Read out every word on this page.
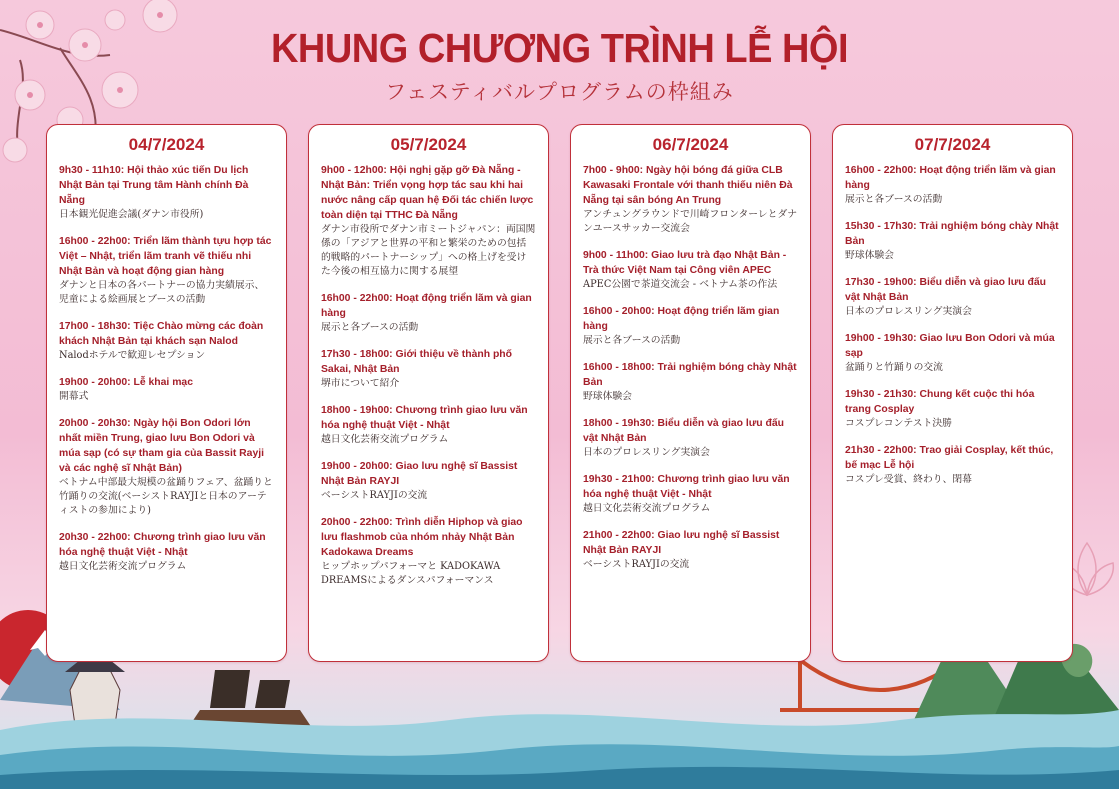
KHUNG CHƯƠNG TRÌNH LỄ HỘI
フェスティバルプログラムの枠組み
04/7/2024
9h30 - 11h10: Hội thảo xúc tiến Du lịch Nhật Bản tại Trung tâm Hành chính Đà Nẵng
日本観光促進会議(ダナン市役所)
16h00 - 22h00: Triển lãm thành tựu hợp tác Việt – Nhật, triển lãm tranh vẽ thiếu nhi Nhật Bản và hoạt động gian hàng
ダナンと日本の各パートナーの協力実績展示、児童による絵画展とブースの活動
17h00 - 18h30: Tiệc Chào mừng các đoàn khách Nhật Bản tại khách sạn Nalod
Nalodホテルで歓迎レセプション
19h00 - 20h00: Lễ khai mạc
開幕式
20h00 - 20h30: Ngày hội Bon Odori lớn nhất miền Trung, giao lưu Bon Odori và múa sạp (có sự tham gia của Bassit Rayji và các nghệ sĩ Nhật Bản)
ベトナム中部最大規模の盆踊りフェア、盆踊りと竹踊りの交流(ベーシストRAYJIと日本のアーティストの参加により)
20h30 - 22h00: Chương trình giao lưu văn hóa nghệ thuật Việt - Nhật
越日文化芸術交流プログラム
05/7/2024
9h00 - 12h00: Hội nghị gặp gỡ Đà Nẵng - Nhật Bản: Triển vọng hợp tác sau khi hai nước nâng cấp quan hệ Đối tác chiến lược toàn diện tại TTHC Đà Nẵng
ダナン市役所でダナン市ミートジャパン：両国関係の「アジアと世界の平和と繁栄のための包括的戦略的パートナーシップ」への格上げを受けた今後の相互協力に関する展望
16h00 - 22h00: Hoạt động triển lãm và gian hàng
展示と各ブースの活動
17h30 - 18h00: Giới thiệu về thành phố Sakai, Nhật Bản
堺市について紹介
18h00 - 19h00: Chương trình giao lưu văn hóa nghệ thuật Việt - Nhật
越日文化芸術交流プログラム
19h00 - 20h00: Giao lưu nghệ sĩ Bassist Nhật Bản RAYJI
ベーシストRAYJIの交流
20h00 - 22h00: Trình diễn Hiphop và giao lưu flashmob của nhóm nhảy Nhật Bản Kadokawa Dreams
ヒップホップパフォーマと KADOKAWA DREAMSによるダンスパフォーマンス
06/7/2024
7h00 - 9h00: Ngày hội bóng đá giữa CLB Kawasaki Frontale với thanh thiếu niên Đà Nẵng tại sân bóng An Trung
アンチュングラウンドで川崎フロンターレとダナンユースサッカー交流会
9h00 - 11h00: Giao lưu trà đạo Nhật Bản - Trà thức Việt Nam tại Công viên APEC
APEC公園で茶道交流会 - ベトナム茶の作法
16h00 - 20h00: Hoạt động triển lãm gian hàng
展示と各ブースの活動
16h00 - 18h00: Trải nghiệm bóng chày Nhật Bản
野球体験会
18h00 - 19h30: Biểu diễn và giao lưu đấu vật Nhật Bản
日本のプロレスリング実演会
19h30 - 21h00: Chương trình giao lưu văn hóa nghệ thuật Việt - Nhật
越日文化芸術交流プログラム
21h00 - 22h00: Giao lưu nghệ sĩ Bassist Nhật Bản RAYJI
ベーシストRAYJIの交流
07/7/2024
16h00 - 22h00: Hoạt động triển lãm và gian hàng
展示と各ブースの活動
15h30 - 17h30: Trải nghiệm bóng chày Nhật Bản
野球体験会
17h30 - 19h00: Biểu diễn và giao lưu đấu vật Nhật Bản
日本のプロレスリング実演会
19h00 - 19h30: Giao lưu Bon Odori và múa sạp
盆踊りと竹踊りの交流
19h30 - 21h30: Chung kết cuộc thi hóa trang Cosplay
コスプレコンテスト決勝
21h30 - 22h00: Trao giải Cosplay, kết thúc, bế mạc Lễ hội
コスプレ受賞、終わり、閉幕
